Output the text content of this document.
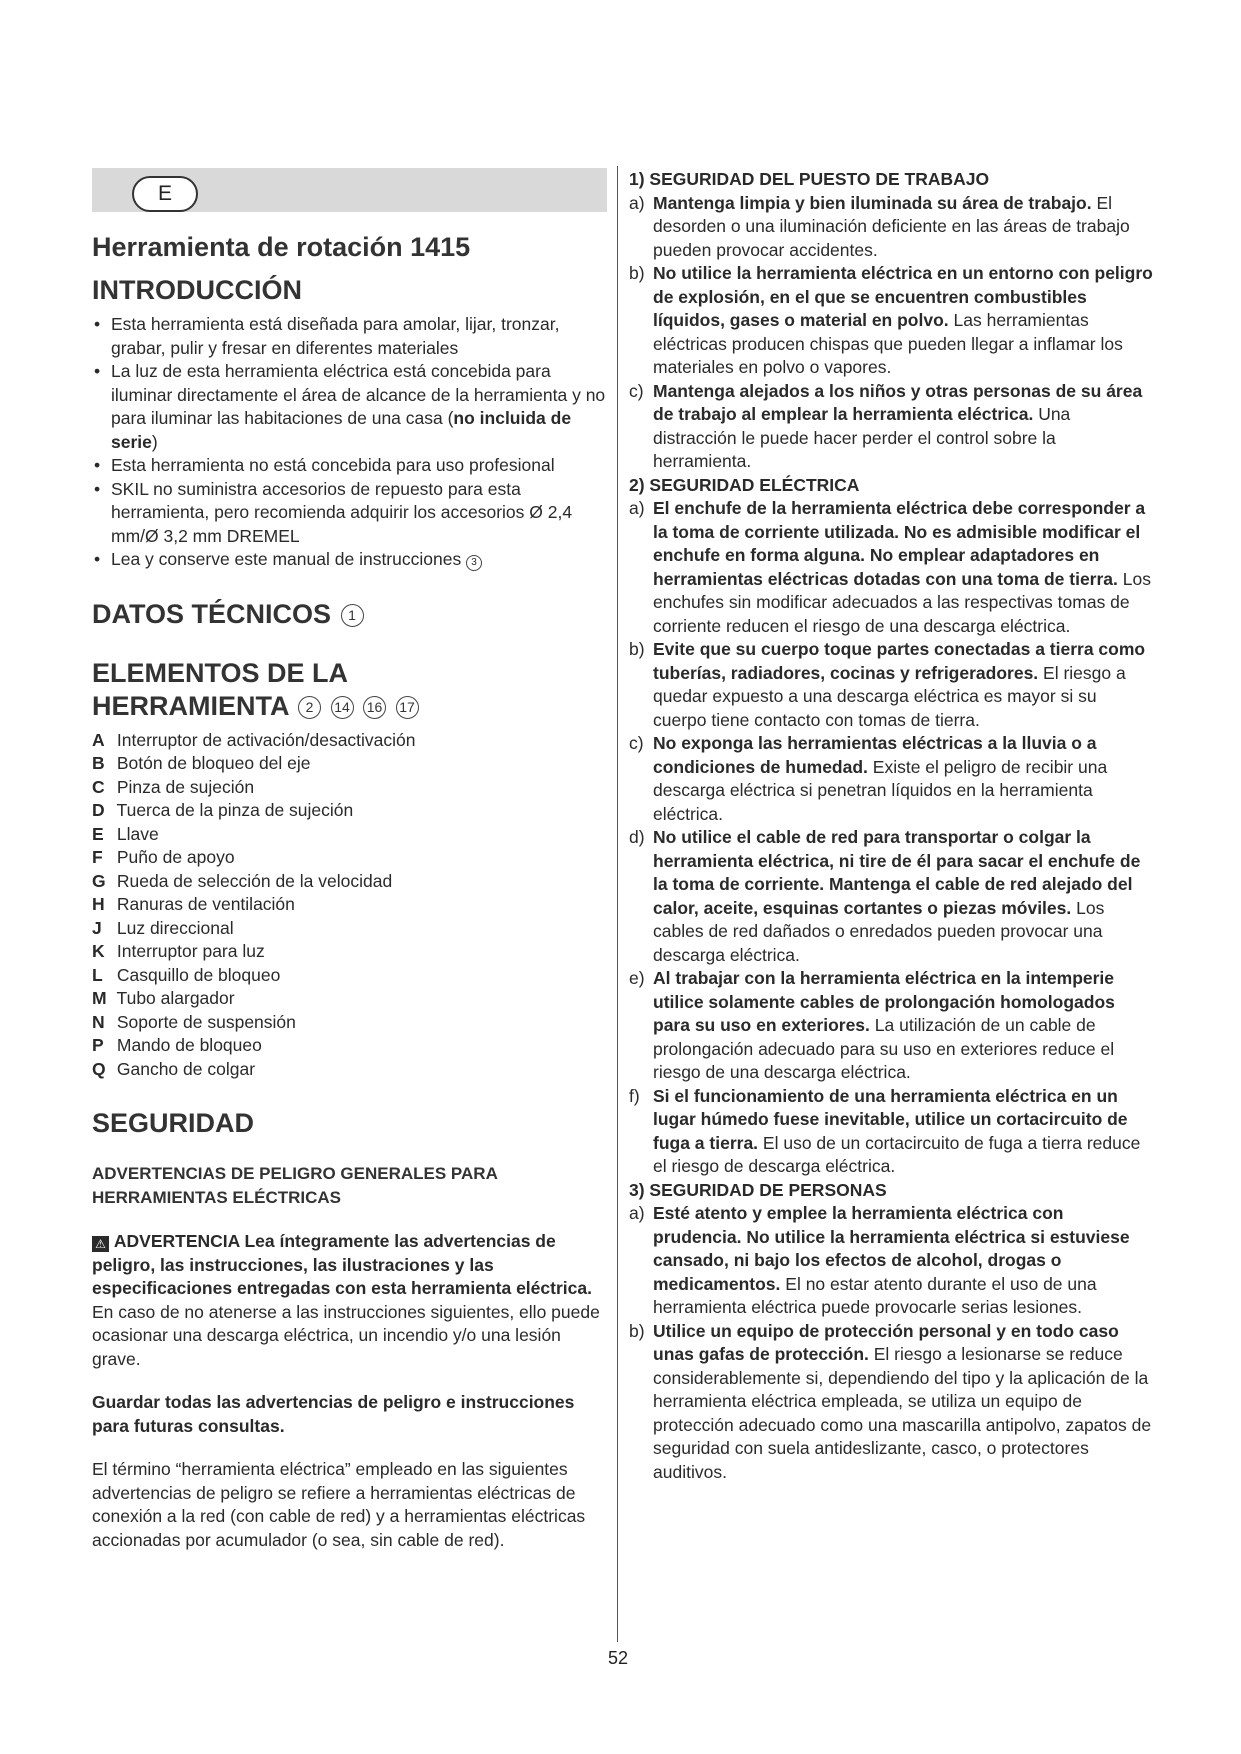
E
Herramienta de rotación 1415
INTRODUCCIÓN
• Esta herramienta está diseñada para amolar, lijar, tronzar, grabar, pulir y fresar en diferentes materiales
• La luz de esta herramienta eléctrica está concebida para iluminar directamente el área de alcance de la herramienta y no para iluminar las habitaciones de una casa (no incluida de serie)
• Esta herramienta no está concebida para uso profesional
• SKIL no suministra accesorios de repuesto para esta herramienta, pero recomienda adquirir los accesorios Ø 2,4 mm/Ø 3,2 mm DREMEL
• Lea y conserve este manual de instrucciones 3
DATOS TÉCNICOS 1
ELEMENTOS DE LA
HERRAMIENTA 2 14 16 17
A Interruptor de activación/desactivación
B Botón de bloqueo del eje
C Pinza de sujeción
D Tuerca de la pinza de sujeción
E Llave
F Puño de apoyo
G Rueda de selección de la velocidad
H Ranuras de ventilación
J Luz direccional
K Interruptor para luz
L Casquillo de bloqueo
M Tubo alargador
N Soporte de suspensión
P Mando de bloqueo
Q Gancho de colgar
SEGURIDAD
ADVERTENCIAS DE PELIGRO GENERALES PARA HERRAMIENTAS ELÉCTRICAS

⚠ ADVERTENCIA Lea íntegramente las advertencias de peligro, las instrucciones, las ilustraciones y las especificaciones entregadas con esta herramienta eléctrica. En caso de no atenerse a las instrucciones siguientes, ello puede ocasionar una descarga eléctrica, un incendio y/o una lesión grave.

Guardar todas las advertencias de peligro e instrucciones para futuras consultas.

El término “herramienta eléctrica” empleado en las siguientes advertencias de peligro se refiere a herramientas eléctricas de conexión a la red (con cable de red) y a herramientas eléctricas accionadas por acumulador (o sea, sin cable de red).

1) SEGURIDAD DEL PUESTO DE TRABAJO
a) Mantenga limpia y bien iluminada su área de trabajo. El desorden o una iluminación deficiente en las áreas de trabajo pueden provocar accidentes.
b) No utilice la herramienta eléctrica en un entorno con peligro de explosión, en el que se encuentren combustibles líquidos, gases o material en polvo. Las herramientas eléctricas producen chispas que pueden llegar a inflamar los materiales en polvo o vapores.
c) Mantenga alejados a los niños y otras personas de su área de trabajo al emplear la herramienta eléctrica. Una distracción le puede hacer perder el control sobre la herramienta.
2) SEGURIDAD ELÉCTRICA
a) El enchufe de la herramienta eléctrica debe corresponder a la toma de corriente utilizada. No es admisible modificar el enchufe en forma alguna. No emplear adaptadores en herramientas eléctricas dotadas con una toma de tierra. Los enchufes sin modificar adecuados a las respectivas tomas de corriente reducen el riesgo de una descarga eléctrica.
b) Evite que su cuerpo toque partes conectadas a tierra como tuberías, radiadores, cocinas y refrigeradores. El riesgo a quedar expuesto a una descarga eléctrica es mayor si su cuerpo tiene contacto con tomas de tierra.
c) No exponga las herramientas eléctricas a la lluvia o a condiciones de humedad. Existe el peligro de recibir una descarga eléctrica si penetran líquidos en la herramienta eléctrica.
d) No utilice el cable de red para transportar o colgar la herramienta eléctrica, ni tire de él para sacar el enchufe de la toma de corriente. Mantenga el cable de red alejado del calor, aceite, esquinas cortantes o piezas móviles. Los cables de red dañados o enredados pueden provocar una descarga eléctrica.
e) Al trabajar con la herramienta eléctrica en la intemperie utilice solamente cables de prolongación homologados para su uso en exteriores. La utilización de un cable de prolongación adecuado para su uso en exteriores reduce el riesgo de una descarga eléctrica.
f) Si el funcionamiento de una herramienta eléctrica en un lugar húmedo fuese inevitable, utilice un cortacircuito de fuga a tierra. El uso de un cortacircuito de fuga a tierra reduce el riesgo de descarga eléctrica.
3) SEGURIDAD DE PERSONAS
a) Esté atento y emplee la herramienta eléctrica con prudencia. No utilice la herramienta eléctrica si estuviese cansado, ni bajo los efectos de alcohol, drogas o medicamentos. El no estar atento durante el uso de una herramienta eléctrica puede provocarle serias lesiones.
b) Utilice un equipo de protección personal y en todo caso unas gafas de protección. El riesgo a lesionarse se reduce considerablemente si, dependiendo del tipo y la aplicación de la herramienta eléctrica empleada, se utiliza un equipo de protección adecuado como una mascarilla antipolvo, zapatos de seguridad con suela antideslizante, casco, o protectores auditivos.
52
